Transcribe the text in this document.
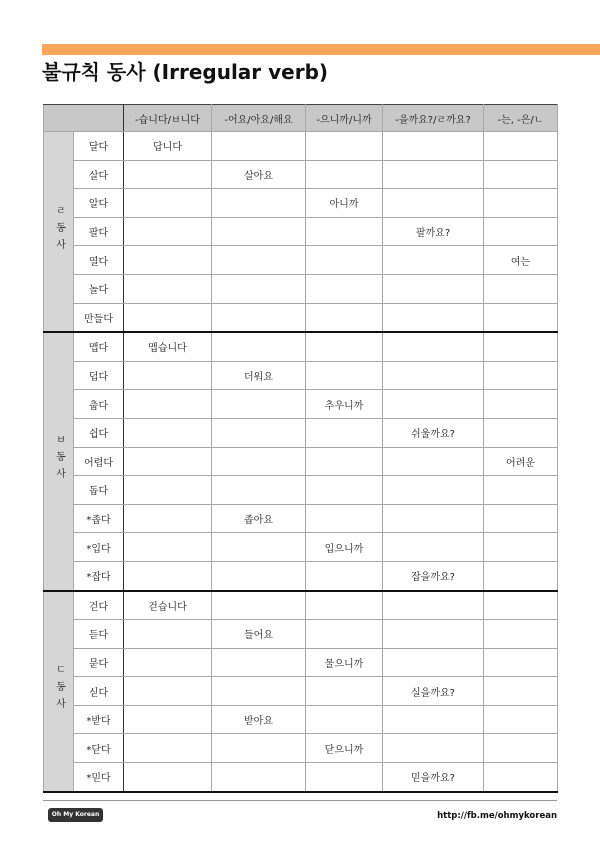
불규칙 동사 (Irregular verb)
		-습니다/ㅂ니다	-어요/아요/해요	-으니까/니까	-을까요?/ㄹ까요?	-는, -은/ㄴ
ㄹ동사	달다	답니다				
	살다		살아요			
	알다			아니까		
	팔다				팔까요?	
	열다					여는
	놀다					
	만들다					
ㅂ동사	맵다	맵습니다				
	덥다		더워요			
	춥다			추우니까		
	쉽다				쉬울까요?	
	어렵다					어려운
	돕다					
	*좁다		좁아요			
	*입다			입으니까		
	*잡다				잡을까요?	
ㄷ동사	걷다	걷습니다				
	듣다		들어요			
	묻다			물으니까		
	싣다				실을까요?	
	*받다		받아요			
	*닫다			닫으니까		
	*믿다				믿을까요?	
Oh My Korean	http://fb.me/ohmykorean
